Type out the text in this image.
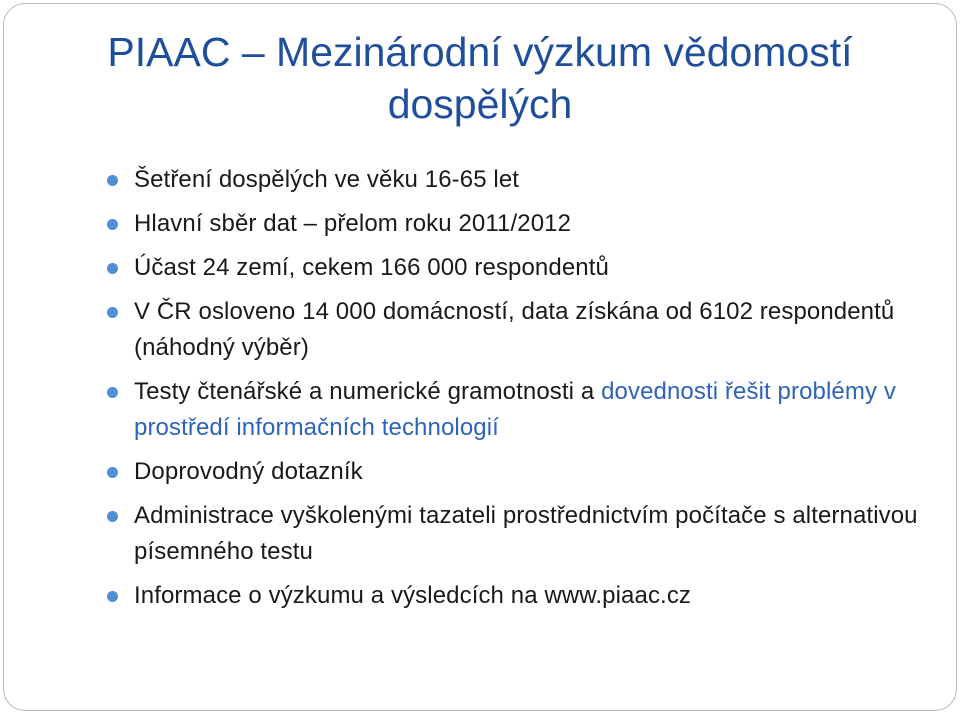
PIAAC – Mezinárodní výzkum vědomostí dospělých
Šetření dospělých ve věku 16-65 let
Hlavní sběr dat – přelom roku 2011/2012
Účast 24 zemí, cekem 166 000 respondentů
V ČR osloveno 14 000 domácností, data získána od 6102 respondentů (náhodný výběr)
Testy čtenářské a numerické gramotnosti a dovednosti řešit problémy v prostředí informačních technologií
Doprovodný dotazník
Administrace vyškolenými tazateli prostřednictvím počítače s alternativou písemného testu
Informace o výzkumu a výsledcích na www.piaac.cz
